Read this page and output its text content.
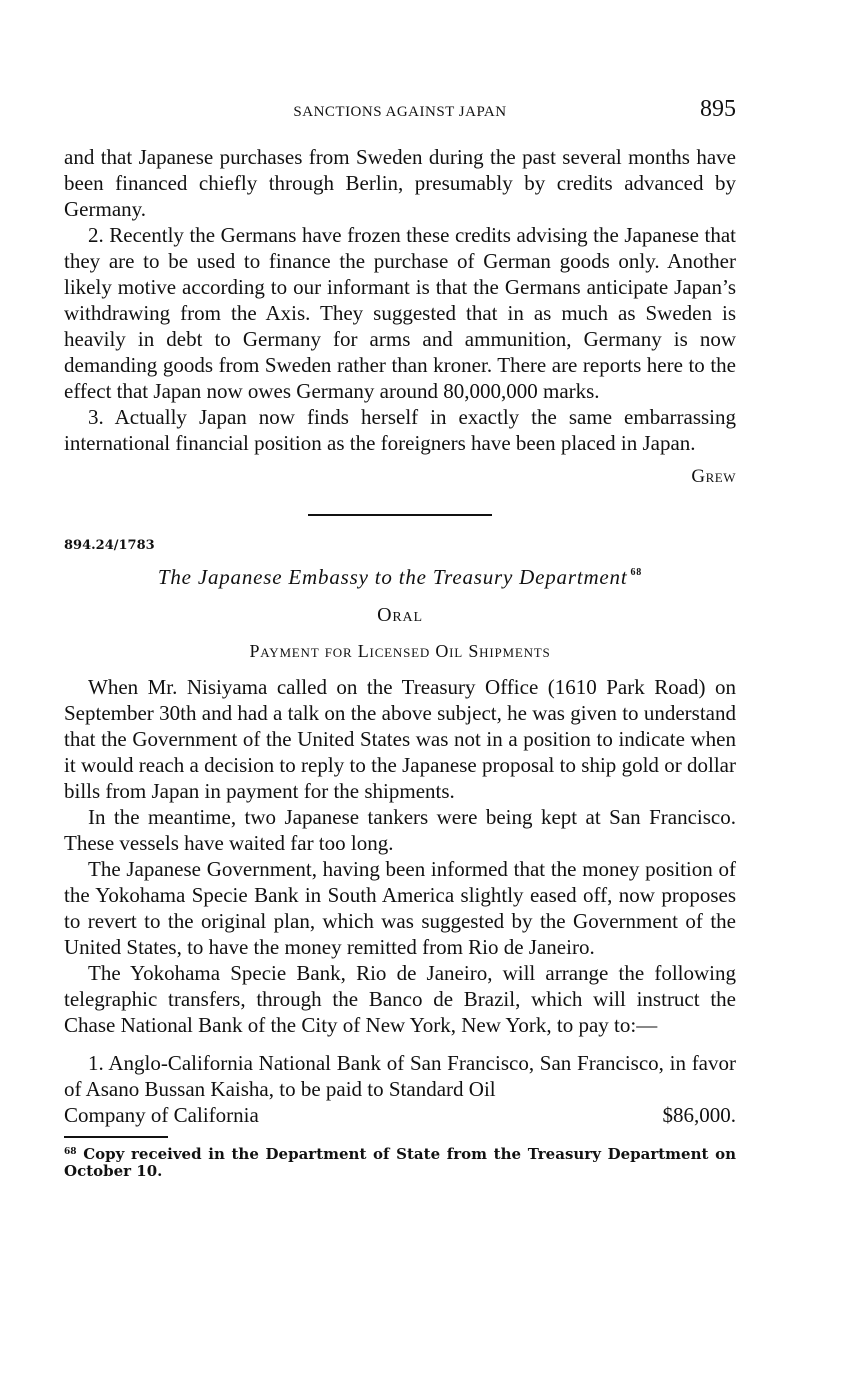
SANCTIONS AGAINST JAPAN	895

and that Japanese purchases from Sweden during the past several months have been financed chiefly through Berlin, presumably by credits advanced by Germany.

2. Recently the Germans have frozen these credits advising the Japanese that they are to be used to finance the purchase of German goods only. Another likely motive according to our informant is that the Germans anticipate Japan’s withdrawing from the Axis. They suggested that in as much as Sweden is heavily in debt to Germany for arms and ammunition, Germany is now demanding goods from Sweden rather than kroner. There are reports here to the effect that Japan now owes Germany around 80,000,000 marks.

3. Actually Japan now finds herself in exactly the same embarrassing international financial position as the foreigners have been placed in Japan.

Grew
894.24/1783
The Japanese Embassy to the Treasury Department $^{68}$
Oral
Payment for Licensed Oil Shipments

When Mr. Nisiyama called on the Treasury Office (1610 Park Road) on September 30th and had a talk on the above subject, he was given to understand that the Government of the United States was not in a position to indicate when it would reach a decision to reply to the Japanese proposal to ship gold or dollar bills from Japan in payment for the shipments.

In the meantime, two Japanese tankers were being kept at San Francisco. These vessels have waited far too long.

The Japanese Government, having been informed that the money position of the Yokohama Specie Bank in South America slightly eased off, now proposes to revert to the original plan, which was suggested by the Government of the United States, to have the money remitted from Rio de Janeiro.

The Yokohama Specie Bank, Rio de Janeiro, will arrange the following telegraphic transfers, through the Banco de Brazil, which will instruct the Chase National Bank of the City of New York, New York, to pay to:—

1. Anglo-California National Bank of San Francisco, San Francisco, in favor of Asano Bussan Kaisha, to be paid to Standard Oil

Company of California	$86,000.
$^{68}$ Copy received in the Department of State from the Treasury Department on October 10.
